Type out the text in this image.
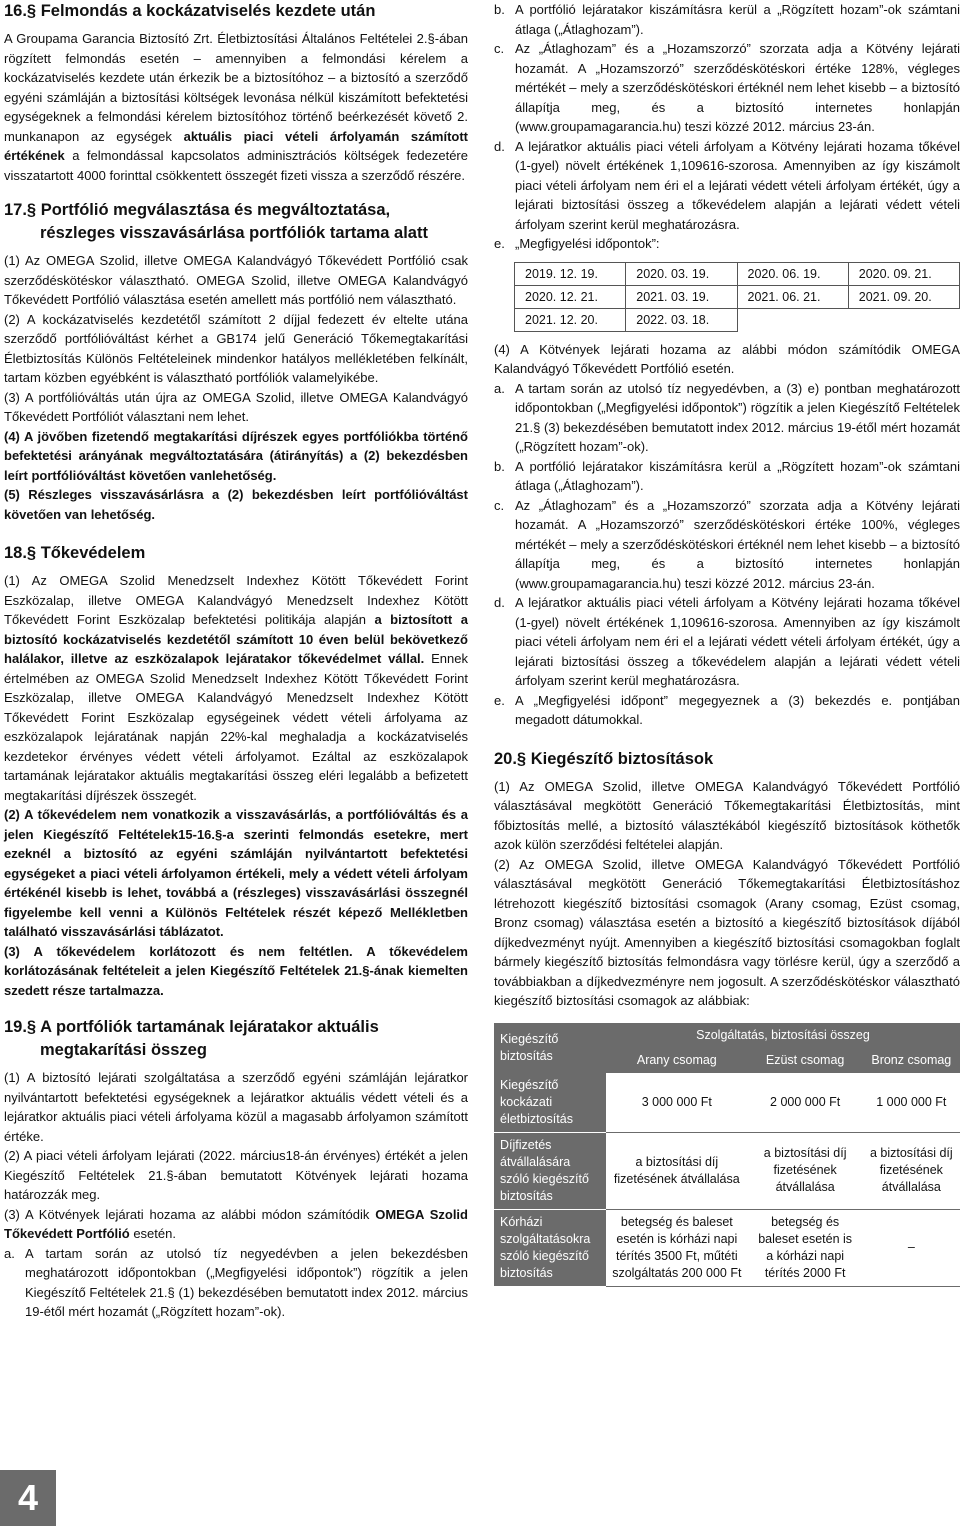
16.§ Felmondás a kockázatviselés kezdete után

A Groupama Garancia Biztosító Zrt. Életbiztosítási Általános Feltételei 2.§-ában rögzített felmondás esetén – amennyiben a felmondási kérelem a kockázatviselés kezdete után érkezik be a biztosítóhoz – a biztosító a szerződő egyéni számláján a biztosítási költségek levonása nélkül kiszámított befektetési egységeknek a felmondási kérelem biztosítóhoz történő beérkezését követő 2. munkanapon az egységek aktuális piaci vételi árfolyamán számított értékének a felmondással kapcsolatos adminisztrációs költségek fedezetére visszatartott 4000 forinttal csökkentett összegét fizeti vissza a szerződő részére.

17.§ Portfólió megválasztása és megváltoztatása,
részleges visszavásárlása portfóliók tartama alatt

(1) Az OMEGA Szolid, illetve OMEGA Kalandvágyó Tőkevédett Portfólió csak szerződéskötéskor választható. OMEGA Szolid, illetve OMEGA Kalandvágyó Tőkevédett Portfólió választása esetén amellett más portfólió nem választható.

(2) A kockázatviselés kezdetétől számított 2 díjjal fedezett év eltelte utána szerződő portfólióváltást kérhet a GB174 jelű Generáció Tőkemegtakarítási Életbiztosítás Különös Feltételeinek mindenkor hatályos mellékletében felkínált, tartam közben egyébként is választható portfóliók valamelyikébe.

(3) A portfólióváltás után újra az OMEGA Szolid, illetve OMEGA Kalandvágyó Tőkevédett Portfóliót választani nem lehet.

(4) A jövőben fizetendő megtakarítási díjrészek egyes portfóliókba történő befektetési arányának megváltoztatására (átirányítás) a (2) bekezdésben leírt portfólióváltást követően vanlehetőség.

(5) Részleges visszavásárlásra a (2) bekezdésben leírt portfólióváltást követően van lehetőség.

18.§ Tőkevédelem

(1) Az OMEGA Szolid Menedzselt Indexhez Kötött Tőkevédett Forint Eszközalap, illetve OMEGA Kalandvágyó Menedzselt Indexhez Kötött Tőkevédett Forint Eszközalap befektetési politikája alapján a biztosított a biztosító kockázatviselés kezdetétől számított 10 éven belül bekövetkező halálakor, illetve az eszközalapok lejáratakor tőkevédelmet vállal. Ennek értelmében az OMEGA Szolid Menedzselt Indexhez Kötött Tőkevédett Forint Eszközalap, illetve OMEGA Kalandvágyó Menedzselt Indexhez Kötött Tőkevédett Forint Eszközalap egységeinek védett vételi árfolyama az eszközalapok lejáratának napján 22%-kal meghaladja a kockázatviselés kezdetekor érvényes védett vételi árfolyamot. Ezáltal az eszközalapok tartamának lejáratakor aktuális megtakarítási összeg eléri legalább a befizetett megtakarítási díjrészek összegét.

(2) A tőkevédelem nem vonatkozik a visszavásárlás, a portfólióváltás és a jelen Kiegészítő Feltételek15-16.§-a szerinti felmondás esetekre, mert ezeknél a biztosító az egyéni számláján nyilvántartott befektetési egységeket a piaci vételi árfolyamon értékeli, mely a védett vételi árfolyam értékénél kisebb is lehet, továbbá a (részleges) visszavásárlási összegnél figyelembe kell venni a Különös Feltételek részét képező Mellékletben található visszavásárlási táblázatot.

(3) A tőkevédelem korlátozott és nem feltétlen. A tőkevédelem korlátozásának feltételeit a jelen Kiegészítő Feltételek 21.§-ának kiemelten szedett része tartalmazza.

19.§ A portfóliók tartamának lejáratakor aktuális
megtakarítási összeg

(1) A biztosító lejárati szolgáltatása a szerződő egyéni számláján lejáratkor nyilvántartott befektetési egységeknek a lejáratkor aktuális védett vételi és a lejáratkor aktuális piaci vételi árfolyama közül a magasabb árfolyamon számított értéke.

(2) A piaci vételi árfolyam lejárati (2022. március18-án érvényes) értékét a jelen Kiegészítő Feltételek 21.§-ában bemutatott Kötvények lejárati hozama határozzák meg.

(3) A Kötvények lejárati hozama az alábbi módon számítódik OMEGA Szolid Tőkevédett Portfólió esetén.

a. A tartam során az utolsó tíz negyedévben a jelen bekezdésben meghatározott időpontokban („Megfigyelési időpontok”) rögzítik a jelen Kiegészítő Feltételek 21.§ (1) bekezdésében bemutatott index 2012. március 19-étől mért hozamát („Rögzített hozam”-ok).
b. A portfólió lejáratakor kiszámításra kerül a „Rögzített hozam”-ok számtani átlaga („Átlaghozam”).
c. Az „Átlaghozam” és a „Hozamszorzó” szorzata adja a Kötvény lejárati hozamát. A „Hozamszorzó” szerződéskötéskori értéke 128%, végleges mértékét – mely a szerződéskötéskori értéknél nem lehet kisebb – a biztosító állapítja meg, és a biztosító internetes honlapján (www.groupamagarancia.hu) teszi közzé 2012. március 23-án.
d. A lejáratkor aktuális piaci vételi árfolyam a Kötvény lejárati hozama tőkével (1-gyel) növelt értékének 1,109616-szorosa. Amennyiben az így kiszámolt piaci vételi árfolyam nem éri el a lejárati védett vételi árfolyam értékét, úgy a lejárati biztosítási összeg a tőkevédelem alapján a lejárati védett vételi árfolyam szerint kerül meghatározásra.
e. „Megfigyelési időpontok”:
2019. 12. 19.	2020. 03. 19.	2020. 06. 19.	2020. 09. 21.
2020. 12. 21.	2021. 03. 19.	2021. 06. 21.	2021. 09. 20.
2021. 12. 20.	2022. 03. 18.		

(4) A Kötvények lejárati hozama az alábbi módon számítódik OMEGA Kalandvágyó Tőkevédett Portfólió esetén.

a. A tartam során az utolsó tíz negyedévben, a (3) e) pontban meghatározott időpontokban („Megfigyelési időpontok”) rögzítik a jelen Kiegészítő Feltételek 21.§ (3) bekezdésében bemutatott index 2012. március 19-étől mért hozamát („Rögzített hozam”-ok).
b. A portfólió lejáratakor kiszámításra kerül a „Rögzített hozam”-ok számtani átlaga („Átlaghozam”).
c. Az „Átlaghozam” és a „Hozamszorzó” szorzata adja a Kötvény lejárati hozamát. A „Hozamszorzó” szerződéskötéskori értéke 100%, végleges mértékét – mely a szerződéskötéskori értéknél nem lehet kisebb – a biztosító állapítja meg, és a biztosító internetes honlapján (www.groupamagarancia.hu) teszi közzé 2012. március 23-án.
d. A lejáratkor aktuális piaci vételi árfolyam a Kötvény lejárati hozama tőkével (1-gyel) növelt értékének 1,109616-szorosa. Amennyiben az így kiszámolt piaci vételi árfolyam nem éri el a lejárati védett vételi árfolyam értékét, úgy a lejárati biztosítási összeg a tőkevédelem alapján a lejárati védett vételi árfolyam szerint kerül meghatározásra.
e. A „Megfigyelési időpont” megegyeznek a (3) bekezdés e. pontjában megadott dátumokkal.
20.§ Kiegészítő biztosítások

(1) Az OMEGA Szolid, illetve OMEGA Kalandvágyó Tőkevédett Portfólió választásával megkötött Generáció Tőkemegtakarítási Életbiztosítás, mint főbiztosítás mellé, a biztosító választékából kiegészítő biztosítások köthetők azok külön szerződési feltételei alapján.

(2) Az OMEGA Szolid, illetve OMEGA Kalandvágyó Tőkevédett Portfólió választásával megkötött Generáció Tőkemegtakarítási Életbiztosításhoz létrehozott kiegészítő biztosítási csomagok (Arany csomag, Ezüst csomag, Bronz csomag) választása esetén a biztosító a kiegészítő biztosítások díjából díjkedvezményt nyújt. Amennyiben a kiegészítő biztosítási csomagokban foglalt bármely kiegészítő biztosítás felmondásra vagy törlésre kerül, úgy a szerződő a továbbiakban a díjkedvezményre nem jogosult. A szerződéskötéskor választható kiegészítő biztosítási csomagok az alábbiak:

Kiegészítő biztosítás	Szolgáltatás, biztosítási összeg		
	Arany csomag	Ezüst csomag	Bronz csomag
Kiegészítő kockázati életbiztosítás	3 000 000 Ft	2 000 000 Ft	1 000 000 Ft
Díjfizetés átvállalására szóló kiegészítő biztosítás	a biztosítási díj fizetésének átvállalása	a biztosítási díj fizetésének átvállalása	a biztosítási díj fizetésének átvállalása
Kórházi szolgáltatásokra szóló kiegészítő biztosítás	betegség és baleset esetén is kórházi napi térítés 3500 Ft, műtéti szolgáltatás 200 000 Ft	betegség és baleset esetén is a kórházi napi térítés 2000 Ft	–
4
